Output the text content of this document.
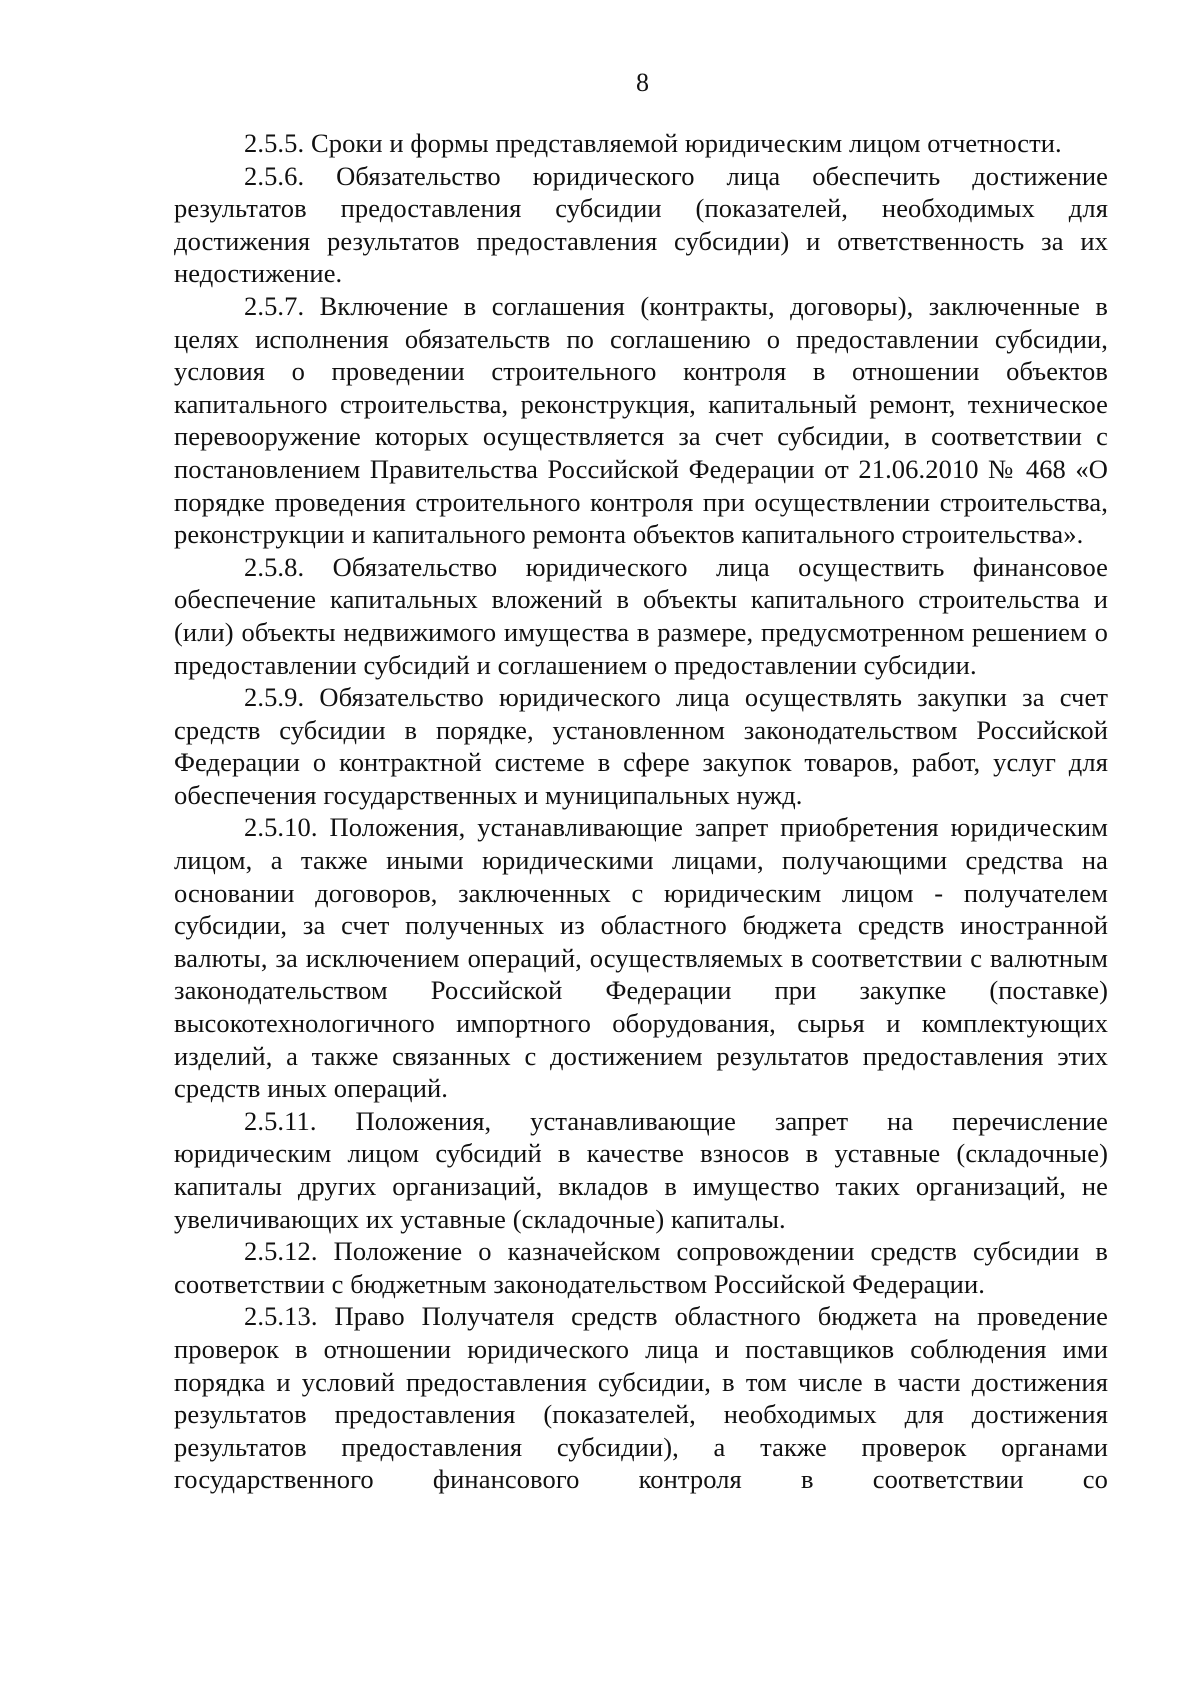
8

2.5.5. Сроки и формы представляемой юридическим лицом отчетности.

2.5.6. Обязательство юридического лица обеспечить достижение результатов предоставления субсидии (показателей, необходимых для достижения результатов предоставления субсидии) и ответственность за их недостижение.

2.5.7. Включение в соглашения (контракты, договоры), заключенные в целях исполнения обязательств по соглашению о предоставлении субсидии, условия о проведении строительного контроля в отношении объектов капитального строительства, реконструкция, капитальный ремонт, техническое перевооружение которых осуществляется за счет субсидии, в соответствии с постановлением Правительства Российской Федерации от 21.06.2010 № 468 «О порядке проведения строительного контроля при осуществлении строительства, реконструкции и капитального ремонта объектов капитального строительства».

2.5.8. Обязательство юридического лица осуществить финансовое обеспечение капитальных вложений в объекты капитального строительства и (или) объекты недвижимого имущества в размере, предусмотренном решением о предоставлении субсидий и соглашением о предоставлении субсидии.

2.5.9. Обязательство юридического лица осуществлять закупки за счет средств субсидии в порядке, установленном законодательством Российской Федерации о контрактной системе в сфере закупок товаров, работ, услуг для обеспечения государственных и муниципальных нужд.

2.5.10. Положения, устанавливающие запрет приобретения юридическим лицом, а также иными юридическими лицами, получающими средства на основании договоров, заключенных с юридическим лицом - получателем субсидии, за счет полученных из областного бюджета средств иностранной валюты, за исключением операций, осуществляемых в соответствии с валютным законодательством Российской Федерации при закупке (поставке) высокотехнологичного импортного оборудования, сырья и комплектующих изделий, а также связанных с достижением результатов предоставления этих средств иных операций.

2.5.11. Положения, устанавливающие запрет на перечисление юридическим лицом субсидий в качестве взносов в уставные (складочные) капиталы других организаций, вкладов в имущество таких организаций, не увеличивающих их уставные (складочные) капиталы.

2.5.12. Положение о казначейском сопровождении средств субсидии в соответствии с бюджетным законодательством Российской Федерации.

2.5.13. Право Получателя средств областного бюджета на проведение проверок в отношении юридического лица и поставщиков соблюдения ими порядка и условий предоставления субсидии, в том числе в части достижения результатов предоставления (показателей, необходимых для достижения результатов предоставления субсидии), а также проверок органами государственного финансового контроля в соответствии со
